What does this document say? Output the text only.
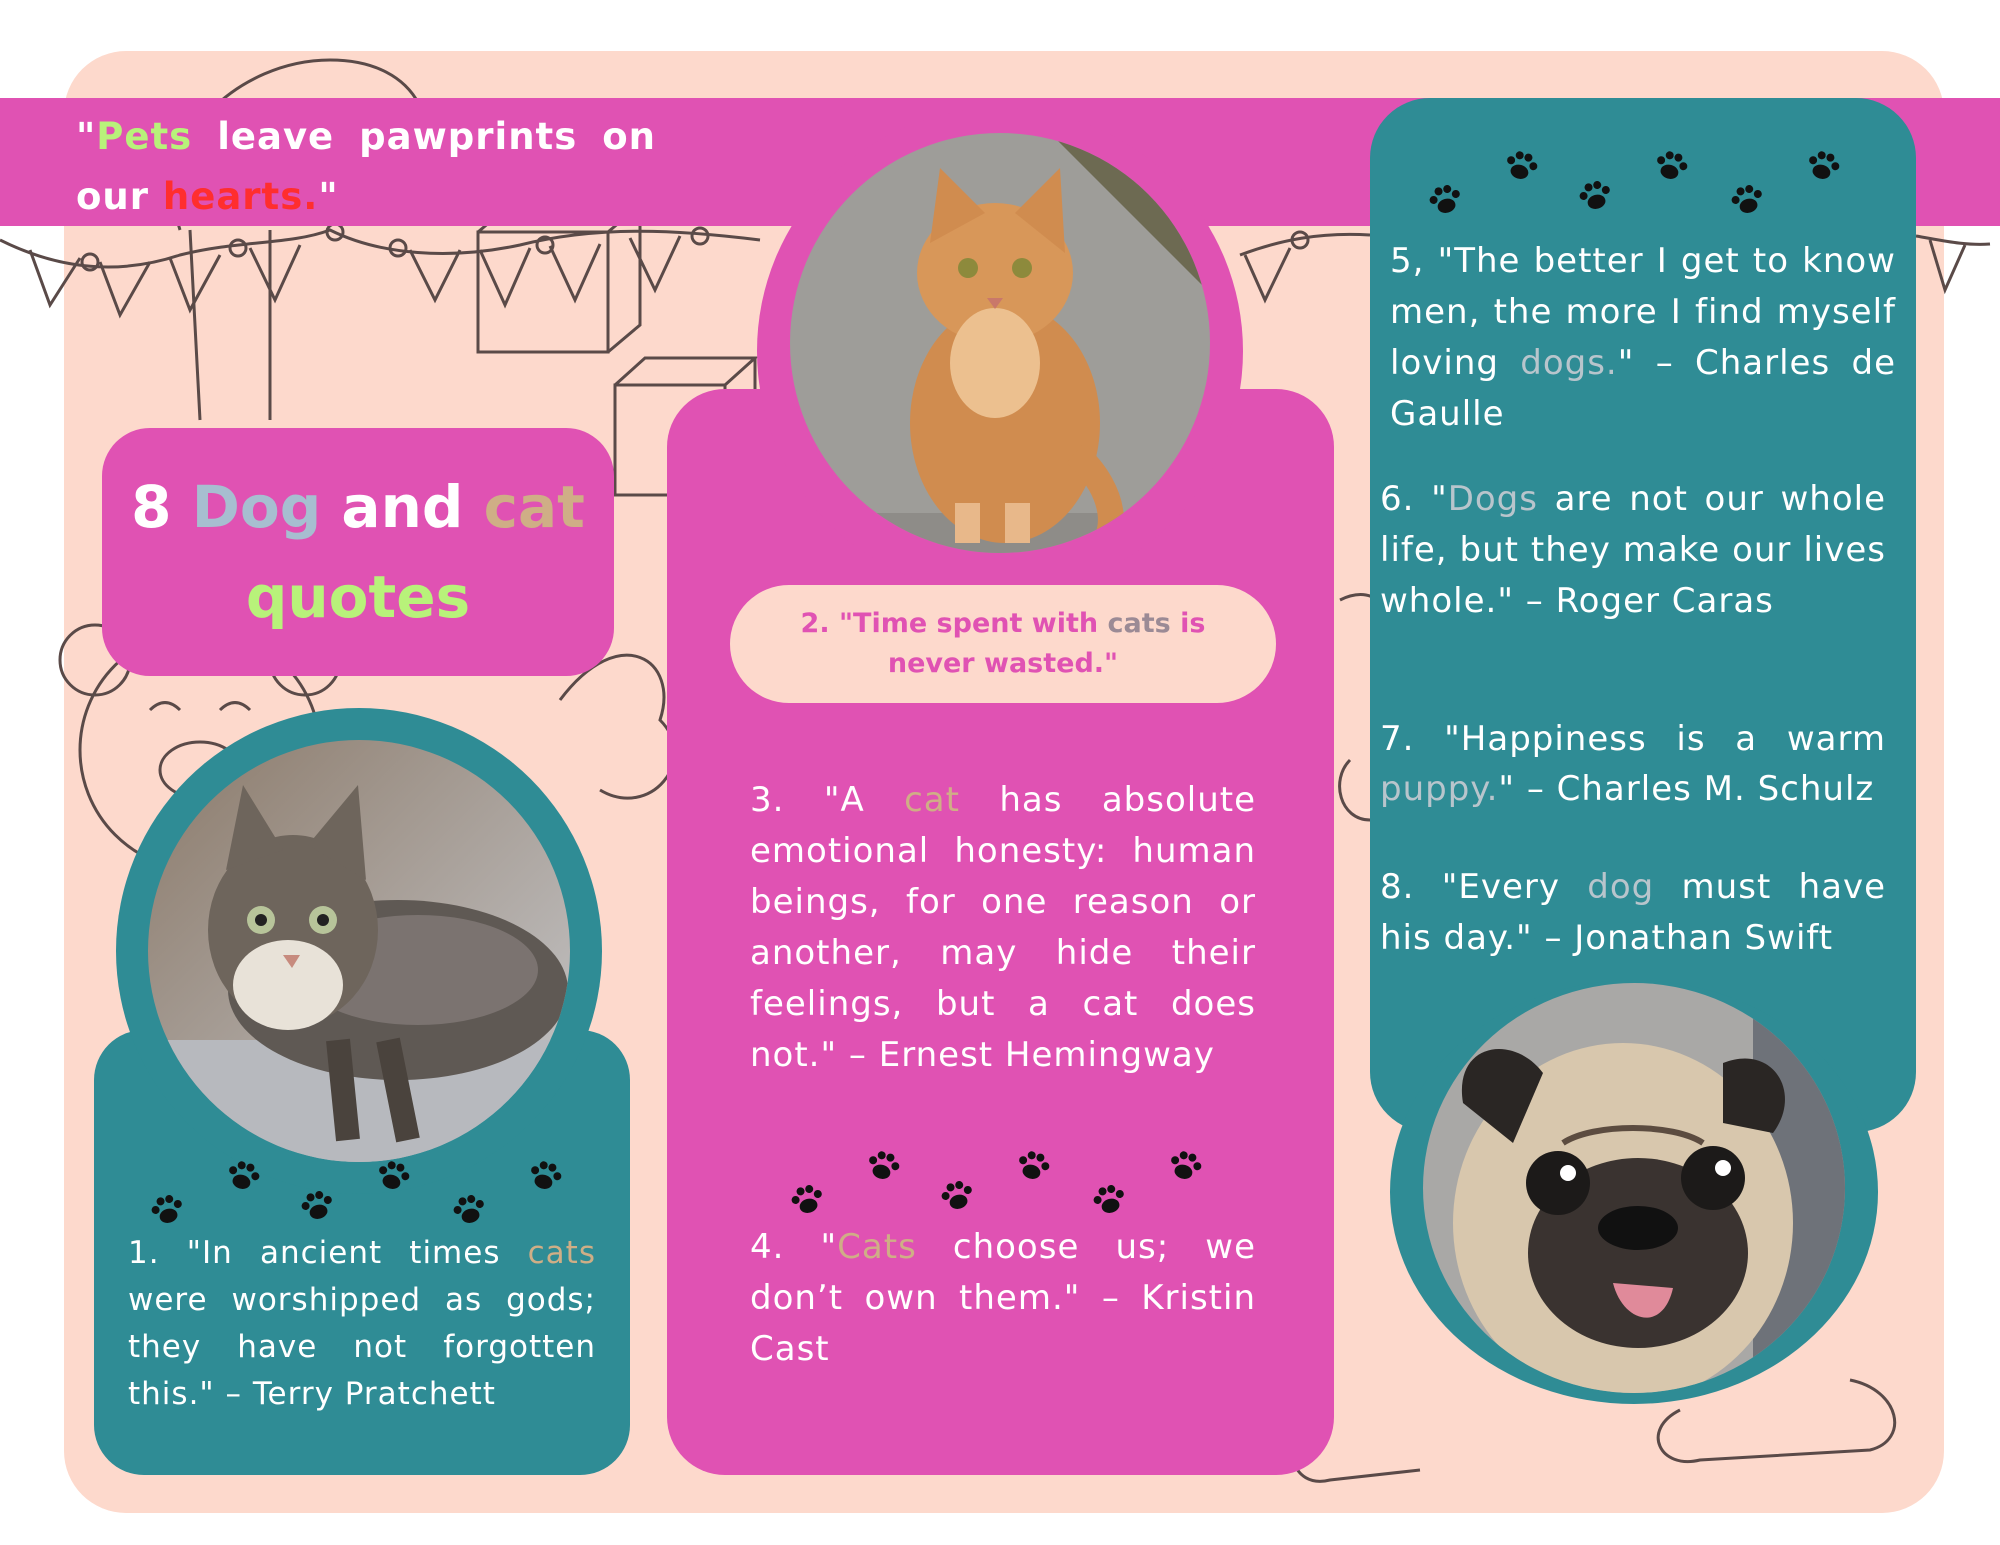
"Pets leave pawprints on
our hearts."
8 Dog and cat
quotes
1. "In ancient times cats were worshipped as gods; they have not forgotten this." – Terry Pratchett
2. "Time spent with cats is never wasted."
3. "A cat has absolute emotional honesty: human beings, for one reason or another, may hide their feelings, but a cat does not." – Ernest Hemingway
4. "Cats choose us; we don’t own them." – Kristin Cast
5, "The better I get to know men, the more I find myself loving dogs." – Charles de Gaulle
6. "Dogs are not our whole life, but they make our lives whole." – Roger Caras
7. "Happiness is a warm puppy." – Charles M. Schulz
8. "Every dog must have his day." – Jonathan Swift
